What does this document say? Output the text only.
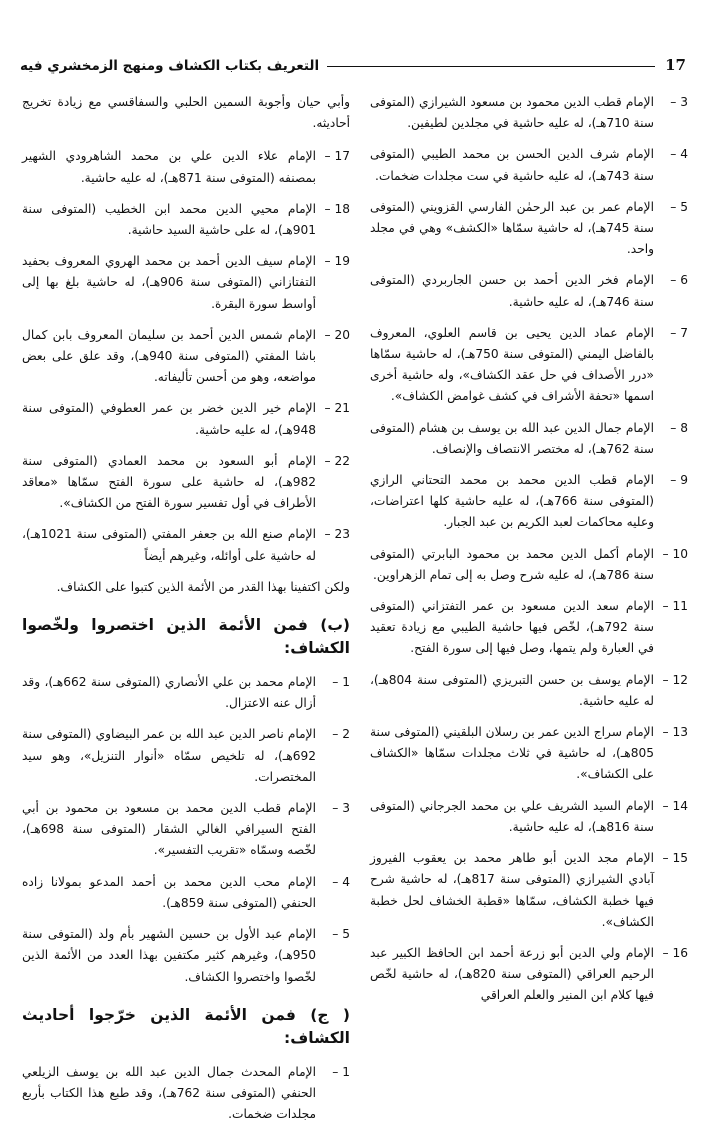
17
التعريف بكتاب الكشاف ومنهج الزمخشري فيه
3 –
الإمام قطب الدين محمود بن مسعود الشيرازي (المتوفى سنة 710هـ)، له عليه حاشية في مجلدين لطيفين.
4 –
الإمام شرف الدين الحسن بن محمد الطيبي (المتوفى سنة 743هـ)، له عليه حاشية في ست مجلدات ضخمات.
5 –
الإمام عمر بن عبد الرحمٰن الفارسي القزويني (المتوفى سنة 745هـ)، له حاشية سمّاها «الكشف» وهي في مجلد واحد.
6 –
الإمام فخر الدين أحمد بن حسن الجاربردي (المتوفى سنة 746هـ)، له عليه حاشية.
7 –
الإمام عماد الدين يحيى بن قاسم العلوي، المعروف بالفاضل اليمني (المتوفى سنة 750هـ)، له حاشية سمّاها «درر الأصداف في حل عقد الكشاف»، وله حاشية أخرى اسمها «تحفة الأشراف في كشف غوامض الكشاف».
8 –
الإمام جمال الدين عبد الله بن يوسف بن هشام (المتوفى سنة 762هـ)، له مختصر الانتصاف والإنصاف.
9 –
الإمام قطب الدين محمد بن محمد التحتاني الرازي (المتوفى سنة 766هـ)، له عليه حاشية كلها اعتراضات، وعليه محاكمات لعبد الكريم بن عبد الجبار.
10 –
الإمام أكمل الدين محمد بن محمود البابرتي (المتوفى سنة 786هـ)، له عليه شرح وصل به إلى تمام الزهراوين.
11 –
الإمام سعد الدين مسعود بن عمر التفتزاني (المتوفى سنة 792هـ)، لخّص فيها حاشية الطيبي مع زيادة تعقيد في العبارة ولم يتمها، وصل فيها إلى سورة الفتح.
12 –
الإمام يوسف بن حسن التبريزي (المتوفى سنة 804هـ)، له عليه حاشية.
13 –
الإمام سراج الدين عمر بن رسلان البلقيني (المتوفى سنة 805هـ)، له حاشية في ثلاث مجلدات سمّاها «الكشاف على الكشاف».
14 –
الإمام السيد الشريف علي بن محمد الجرجاني (المتوفى سنة 816هـ)، له عليه حاشية.
15 –
الإمام مجد الدين أبو طاهر محمد بن يعقوب الفيروز آبادي الشيرازي (المتوفى سنة 817هـ)، له حاشية شرح فيها خطبة الكشاف، سمّاها «قطبة الخشاف لحل خطبة الكشاف».
16 –
الإمام ولي الدين أبو زرعة أحمد ابن الحافظ الكبير عبد الرحيم العراقي (المتوفى سنة 820هـ)، له حاشية لخّص فيها كلام ابن المنير والعلم العراقي
وأبي حيان وأجوبة السمين الحلبي والسفاقسي مع زيادة تخريج أحاديثه.
17 –
الإمام علاء الدين علي بن محمد الشاهرودي الشهير بمصنفه (المتوفى سنة 871هـ)، له عليه حاشية.
18 –
الإمام محيي الدين محمد ابن الخطيب (المتوفى سنة 901هـ)، له على حاشية السيد حاشية.
19 –
الإمام سيف الدين أحمد بن محمد الهروي المعروف بحفيد التفتازاني (المتوفى سنة 906هـ)، له حاشية بلغ بها إلى أواسط سورة البقرة.
20 –
الإمام شمس الدين أحمد بن سليمان المعروف بابن كمال باشا المفتي (المتوفى سنة 940هـ)، وقد علق على بعض مواضعه، وهو من أحسن تأليفاته.
21 –
الإمام خير الدين خضر بن عمر العطوفي (المتوفى سنة 948هـ)، له عليه حاشية.
22 –
الإمام أبو السعود بن محمد العمادي (المتوفى سنة 982هـ)، له حاشية على سورة الفتح سمّاها «معاقد الأطراف في أول تفسير سورة الفتح من الكشاف».
23 –
الإمام صنع الله بن جعفر المفتي (المتوفى سنة 1021هـ)، له حاشية على أوائله، وغيرهم أيضاً
ولكن اكتفينا بهذا القدر من الأئمة الذين كتبوا على الكشاف.
(ب) فمن الأئمة الذين اختصروا ولخّصوا الكشاف:
1 –
الإمام محمد بن علي الأنصاري (المتوفى سنة 662هـ)، وقد أزال عنه الاعتزال.
2 –
الإمام ناصر الدين عبد الله بن عمر البيضاوي (المتوفى سنة 692هـ)، له تلخيص سمّاه «أنوار التنزيل»، وهو سيد المختصرات.
3 –
الإمام قطب الدين محمد بن مسعود بن محمود بن أبي الفتح السيرافي الغالي الشقار (المتوفى سنة 698هـ)، لخّصه وسمّاه «تقريب التفسير».
4 –
الإمام محب الدين محمد بن أحمد المدعو بمولانا زاده الحنفي (المتوفى سنة 859هـ).
5 –
الإمام عبد الأول بن حسين الشهير بأم ولد (المتوفى سنة 950هـ)، وغيرهم كثير مكتفين بهذا العدد من الأئمة الذين لخّصوا واختصروا الكشاف.
( ج) فمن الأئمة الذين خرّجوا أحاديث الكشاف:
1 –
الإمام المحدث جمال الدين عبد الله بن يوسف الزيلعي الحنفي (المتوفى سنة 762هـ)، وقد طبع هذا الكتاب بأربع مجلدات ضخمات.
